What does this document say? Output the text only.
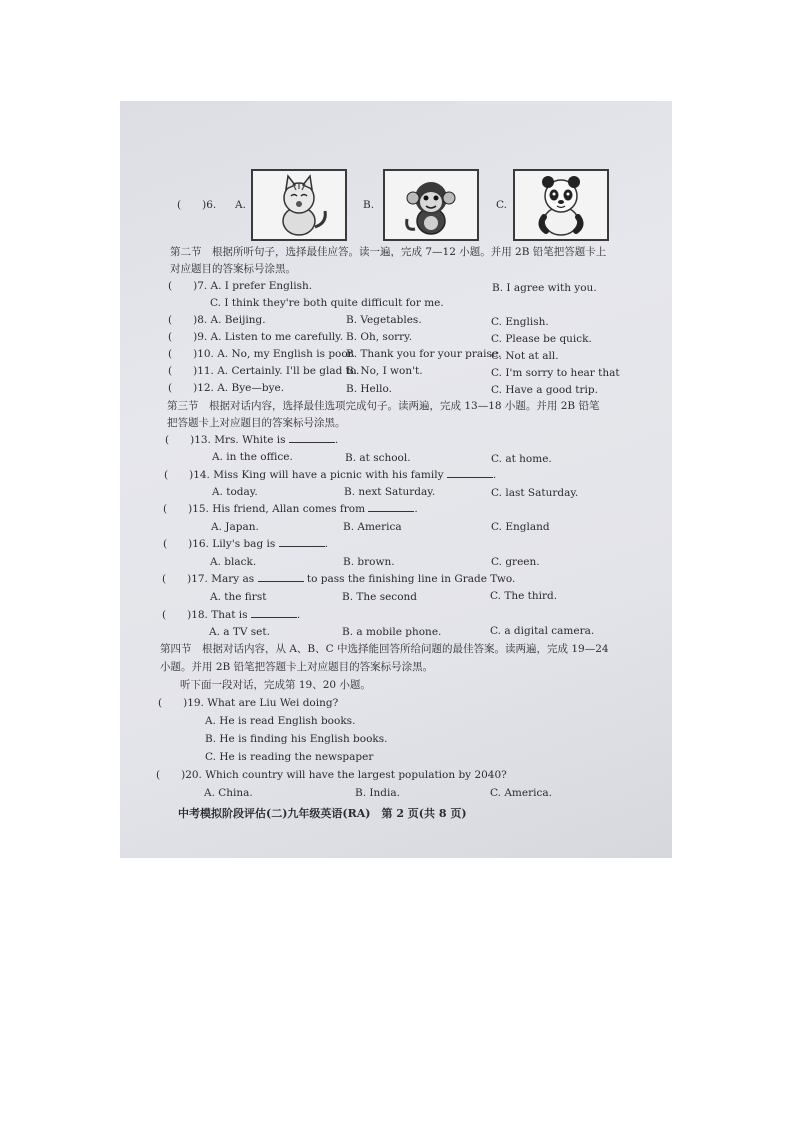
(　　)6. A.	B.	C.
第二节　根据所听句子，选择最佳应答。读一遍，完成 7—12 小题。并用 2B 铅笔把答题卡上
对应题目的答案标号涂黑。
(　　)7. A. I prefer English.	B. I agree with you.
C. I think they're both quite difficult for me.
(　　)8. A. Beijing.	B. Vegetables.	C. English.
(　　)9. A. Listen to me carefully. B. Oh, sorry.	C. Please be quick.
(　　)10. A. No, my English is poor.
B. Thank you for your praise.
C. Not at all.
(　　)11. A. Certainly. I'll be glad to.
B. No, I won't.	C. I'm sorry to hear that
(　　)12. A. Bye—bye.	B. Hello.	C. Have a good trip.
第三节　根据对话内容，选择最佳选项完成句子。读两遍，完成 13—18 小题。并用 2B 铅笔
把答题卡上对应题目的答案标号涂黑。
(　　)13. Mrs. White is	.
A. in the office.	B. at school.	C. at home.
(　　)14. Miss King will have a picnic with his family	.
A. today.	B. next Saturday.	C. last Saturday.
(　　)15. His friend, Allan comes from	.
A. Japan.	B. America	C. England
(　　)16. Lily's bag is	.
A. black.	B. brown.	C. green.
(　　)17. Mary as	to pass the finishing line in Grade Two.
A. the first	B. The second	C. The third.
(　　)18. That is	.
A. a TV set.	B. a mobile phone.	C. a digital camera.
第四节　根据对话内容，从 A、B、C 中选择能回答所给问题的最佳答案。读两遍，完成 19—24
小题。并用 2B 铅笔把答题卡上对应题目的答案标号涂黑。
听下面一段对话，完成第 19、20 小题。
(　　)19. What are Liu Wei doing?
A. He is read English books.
B. He is finding his English books.
C. He is reading the newspaper
(　　)20. Which country will have the largest population by 2040?
A. China.	B. India.	C. America.
中考模拟阶段评估(二)九年级英语(RA)　第 2 页(共 8 页)
